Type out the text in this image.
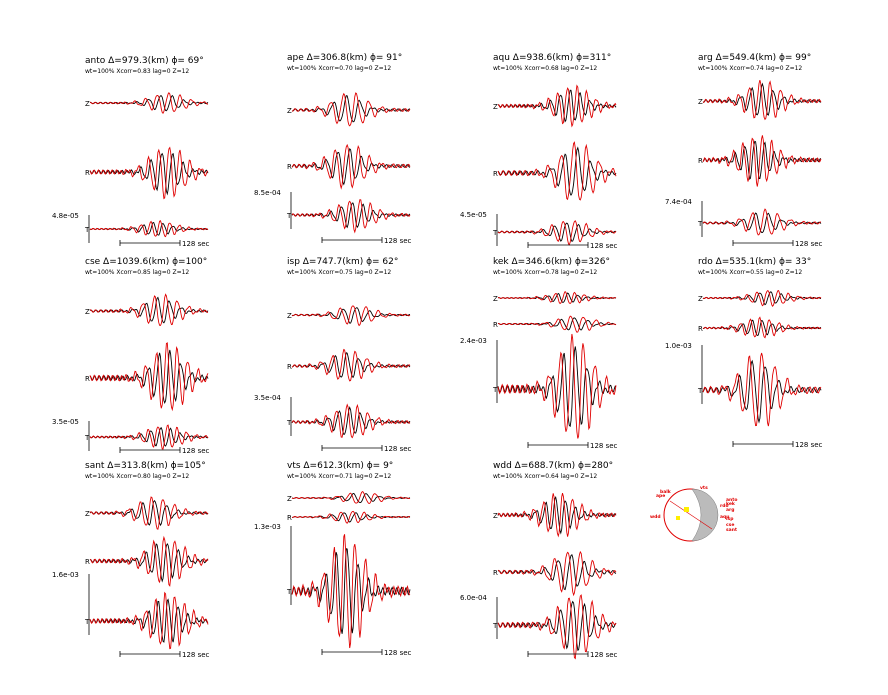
anto Δ=979.3(km) ϕ= 69°
wt=100% Xcorr=0.83 lag=0 Z=12
Z
R
T
4.8e-05
128 sec
ape Δ=306.8(km) ϕ= 91°
wt=100% Xcorr=0.70 lag=0 Z=12
Z
R
T
8.5e-04
128 sec
aqu Δ=938.6(km) ϕ=311°
wt=100% Xcorr=0.68 lag=0 Z=12
Z
R
T
4.5e-05
128 sec
arg Δ=549.4(km) ϕ= 99°
wt=100% Xcorr=0.74 lag=0 Z=12
Z
R
T
7.4e-04
128 sec
cse Δ=1039.6(km) ϕ=100°
wt=100% Xcorr=0.85 lag=0 Z=12
Z
R
T
3.5e-05
128 sec
isp Δ=747.7(km) ϕ= 62°
wt=100% Xcorr=0.75 lag=0 Z=12
Z
R
T
3.5e-04
128 sec
kek Δ=346.6(km) ϕ=326°
wt=100% Xcorr=0.78 lag=0 Z=12
Z
R
T
2.4e-03
128 sec
rdo Δ=535.1(km) ϕ= 33°
wt=100% Xcorr=0.55 lag=0 Z=12
Z
R
T
1.0e-03
128 sec
sant Δ=313.8(km) ϕ=105°
wt=100% Xcorr=0.80 lag=0 Z=12
Z
R
T
1.6e-03
128 sec
vts Δ=612.3(km) ϕ= 9°
wt=100% Xcorr=0.71 lag=0 Z=12
Z
R
T
1.3e-03
128 sec
wdd Δ=688.7(km) ϕ=280°
wt=100% Xcorr=0.64 lag=0 Z=12
Z
R
T
6.0e-04
128 sec
vts
rdo
balk
ape
aqu
wdd
anto
arg
isp
cse
kek
sant
